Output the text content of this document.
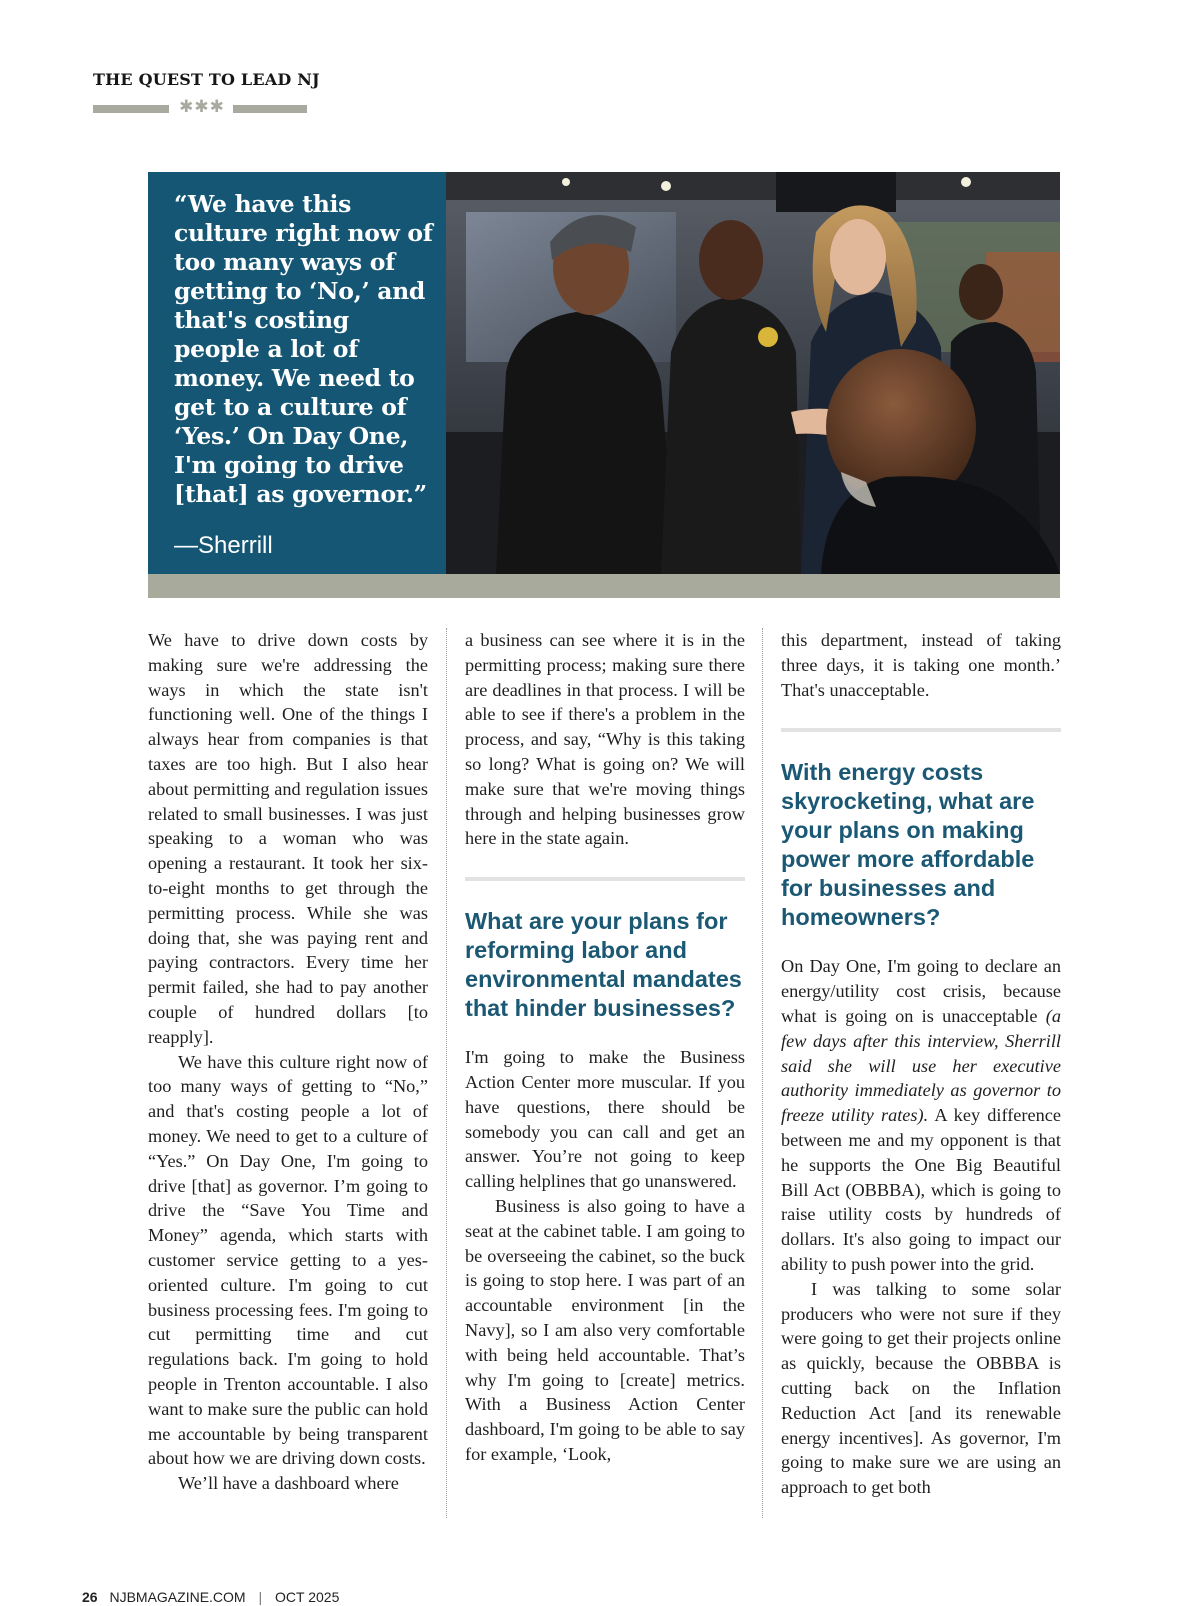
THE QUEST TO LEAD NJ
✱✱✱
“We have this culture right now of too many ways of getting to ‘No,’ and that's costing people a lot of money. We need to get to a culture of ‘Yes.’ On Day One, I'm going to drive [that] as governor.”
—Sherrill

We have to drive down costs by making sure we're addressing the ways in which the state isn't functioning well. One of the things I always hear from companies is that taxes are too high. But I also hear about permitting and regulation issues related to small businesses. I was just speaking to a woman who was opening a restaurant. It took her six-to-eight months to get through the permitting process. While she was doing that, she was paying rent and paying contractors. Every time her permit failed, she had to pay another couple of hundred dollars [to reapply].

We have this culture right now of too many ways of getting to “No,” and that's costing people a lot of money. We need to get to a culture of “Yes.” On Day One, I'm going to drive [that] as governor. I’m going to drive the “Save You Time and Money” agenda, which starts with customer service getting to a yes-oriented culture. I'm going to cut business processing fees. I'm going to cut permitting time and cut regulations back. I'm going to hold people in Trenton accountable. I also want to make sure the public can hold me accountable by being transparent about how we are driving down costs.

We’ll have a dashboard where

a business can see where it is in the permitting process; making sure there are deadlines in that process. I will be able to see if there's a problem in the process, and say, “Why is this taking so long? What is going on? We will make sure that we're moving things through and helping businesses grow here in the state again.

What are your plans for reforming labor and environmental mandates that hinder businesses?

I'm going to make the Business Action Center more muscular. If you have questions, there should be somebody you can call and get an answer. You’re not going to keep calling helplines that go unanswered.

Business is also going to have a seat at the cabinet table. I am going to be overseeing the cabinet, so the buck is going to stop here. I was part of an accountable environment [in the Navy], so I am also very comfortable with being held accountable. That’s why I'm going to [create] metrics. With a Business Action Center dashboard, I'm going to be able to say for example, ‘Look,

this department, instead of taking three days, it is taking one month.’ That's unacceptable.

With energy costs skyrocketing, what are your plans on making power more affordable for businesses and homeowners?

On Day One, I'm going to declare an energy/utility cost crisis, because what is going on is unacceptable (a few days after this interview, Sherrill said she will use her executive authority immediately as governor to freeze utility rates). A key difference between me and my opponent is that he supports the One Big Beautiful Bill Act (OBBBA), which is going to raise utility costs by hundreds of dollars. It's also going to impact our ability to push power into the grid.

I was talking to some solar producers who were not sure if they were going to get their projects online as quickly, because the OBBBA is cutting back on the Inflation Reduction Act [and its renewable energy incentives]. As governor, I'm going to make sure we are using an approach to get both

26 NJBMAGAZINE.COM | OCT 2025
